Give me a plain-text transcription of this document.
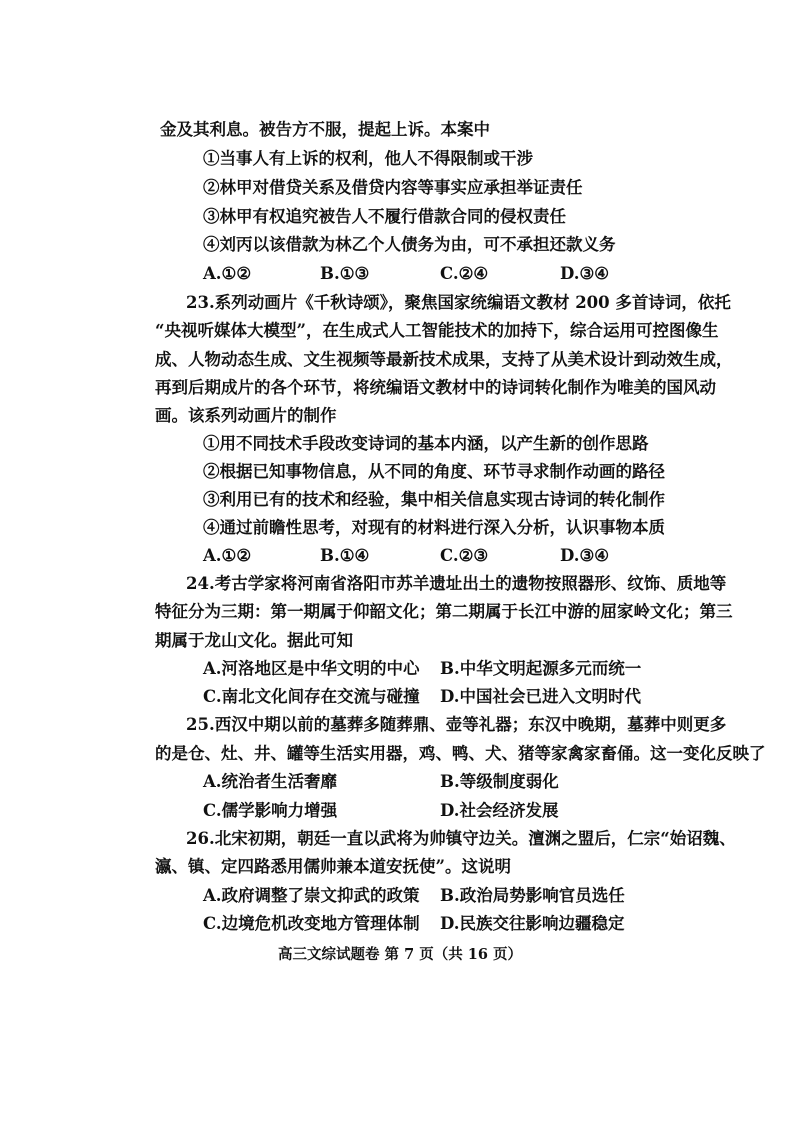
金及其利息。被告方不服，提起上诉。本案中
①当事人有上诉的权利，他人不得限制或干涉
②林甲对借贷关系及借贷内容等事实应承担举证责任
③林甲有权追究被告人不履行借款合同的侵权责任
④刘丙以该借款为林乙个人债务为由，可不承担还款义务
A.①②	B.①③	C.②④	D.③④
23.系列动画片《千秋诗颂》，聚焦国家统编语文教材 200 多首诗词，依托
“央视听媒体大模型”，在生成式人工智能技术的加持下，综合运用可控图像生
成、人物动态生成、文生视频等最新技术成果，支持了从美术设计到动效生成，
再到后期成片的各个环节，将统编语文教材中的诗词转化制作为唯美的国风动
画。该系列动画片的制作
①用不同技术手段改变诗词的基本内涵，以产生新的创作思路
②根据已知事物信息，从不同的角度、环节寻求制作动画的路径
③利用已有的技术和经验，集中相关信息实现古诗词的转化制作
④通过前瞻性思考，对现有的材料进行深入分析，认识事物本质
A.①②	B.①④	C.②③	D.③④
24.考古学家将河南省洛阳市苏羊遗址出土的遗物按照器形、纹饰、质地等
特征分为三期：第一期属于仰韶文化；第二期属于长江中游的屈家岭文化；第三
期属于龙山文化。据此可知
A.河洛地区是中华文明的中心 B.中华文明起源多元而统一
C.南北文化间存在交流与碰撞 D.中国社会已进入文明时代
25.西汉中期以前的墓葬多随葬鼎、壶等礼器；东汉中晚期，墓葬中则更多
的是仓、灶、井、罐等生活实用器，鸡、鸭、犬、猪等家禽家畜俑。这一变化反映了
A.统治者生活奢靡	B.等级制度弱化
C.儒学影响力增强	D.社会经济发展
26.北宋初期，朝廷一直以武将为帅镇守边关。澶渊之盟后，仁宗“始诏魏、
瀛、镇、定四路悉用儒帅兼本道安抚使”。这说明
A.政府调整了崇文抑武的政策 B.政治局势影响官员选任
C.边境危机改变地方管理体制 D.民族交往影响边疆稳定
高三文综试题卷 第 7 页（共 16 页）
